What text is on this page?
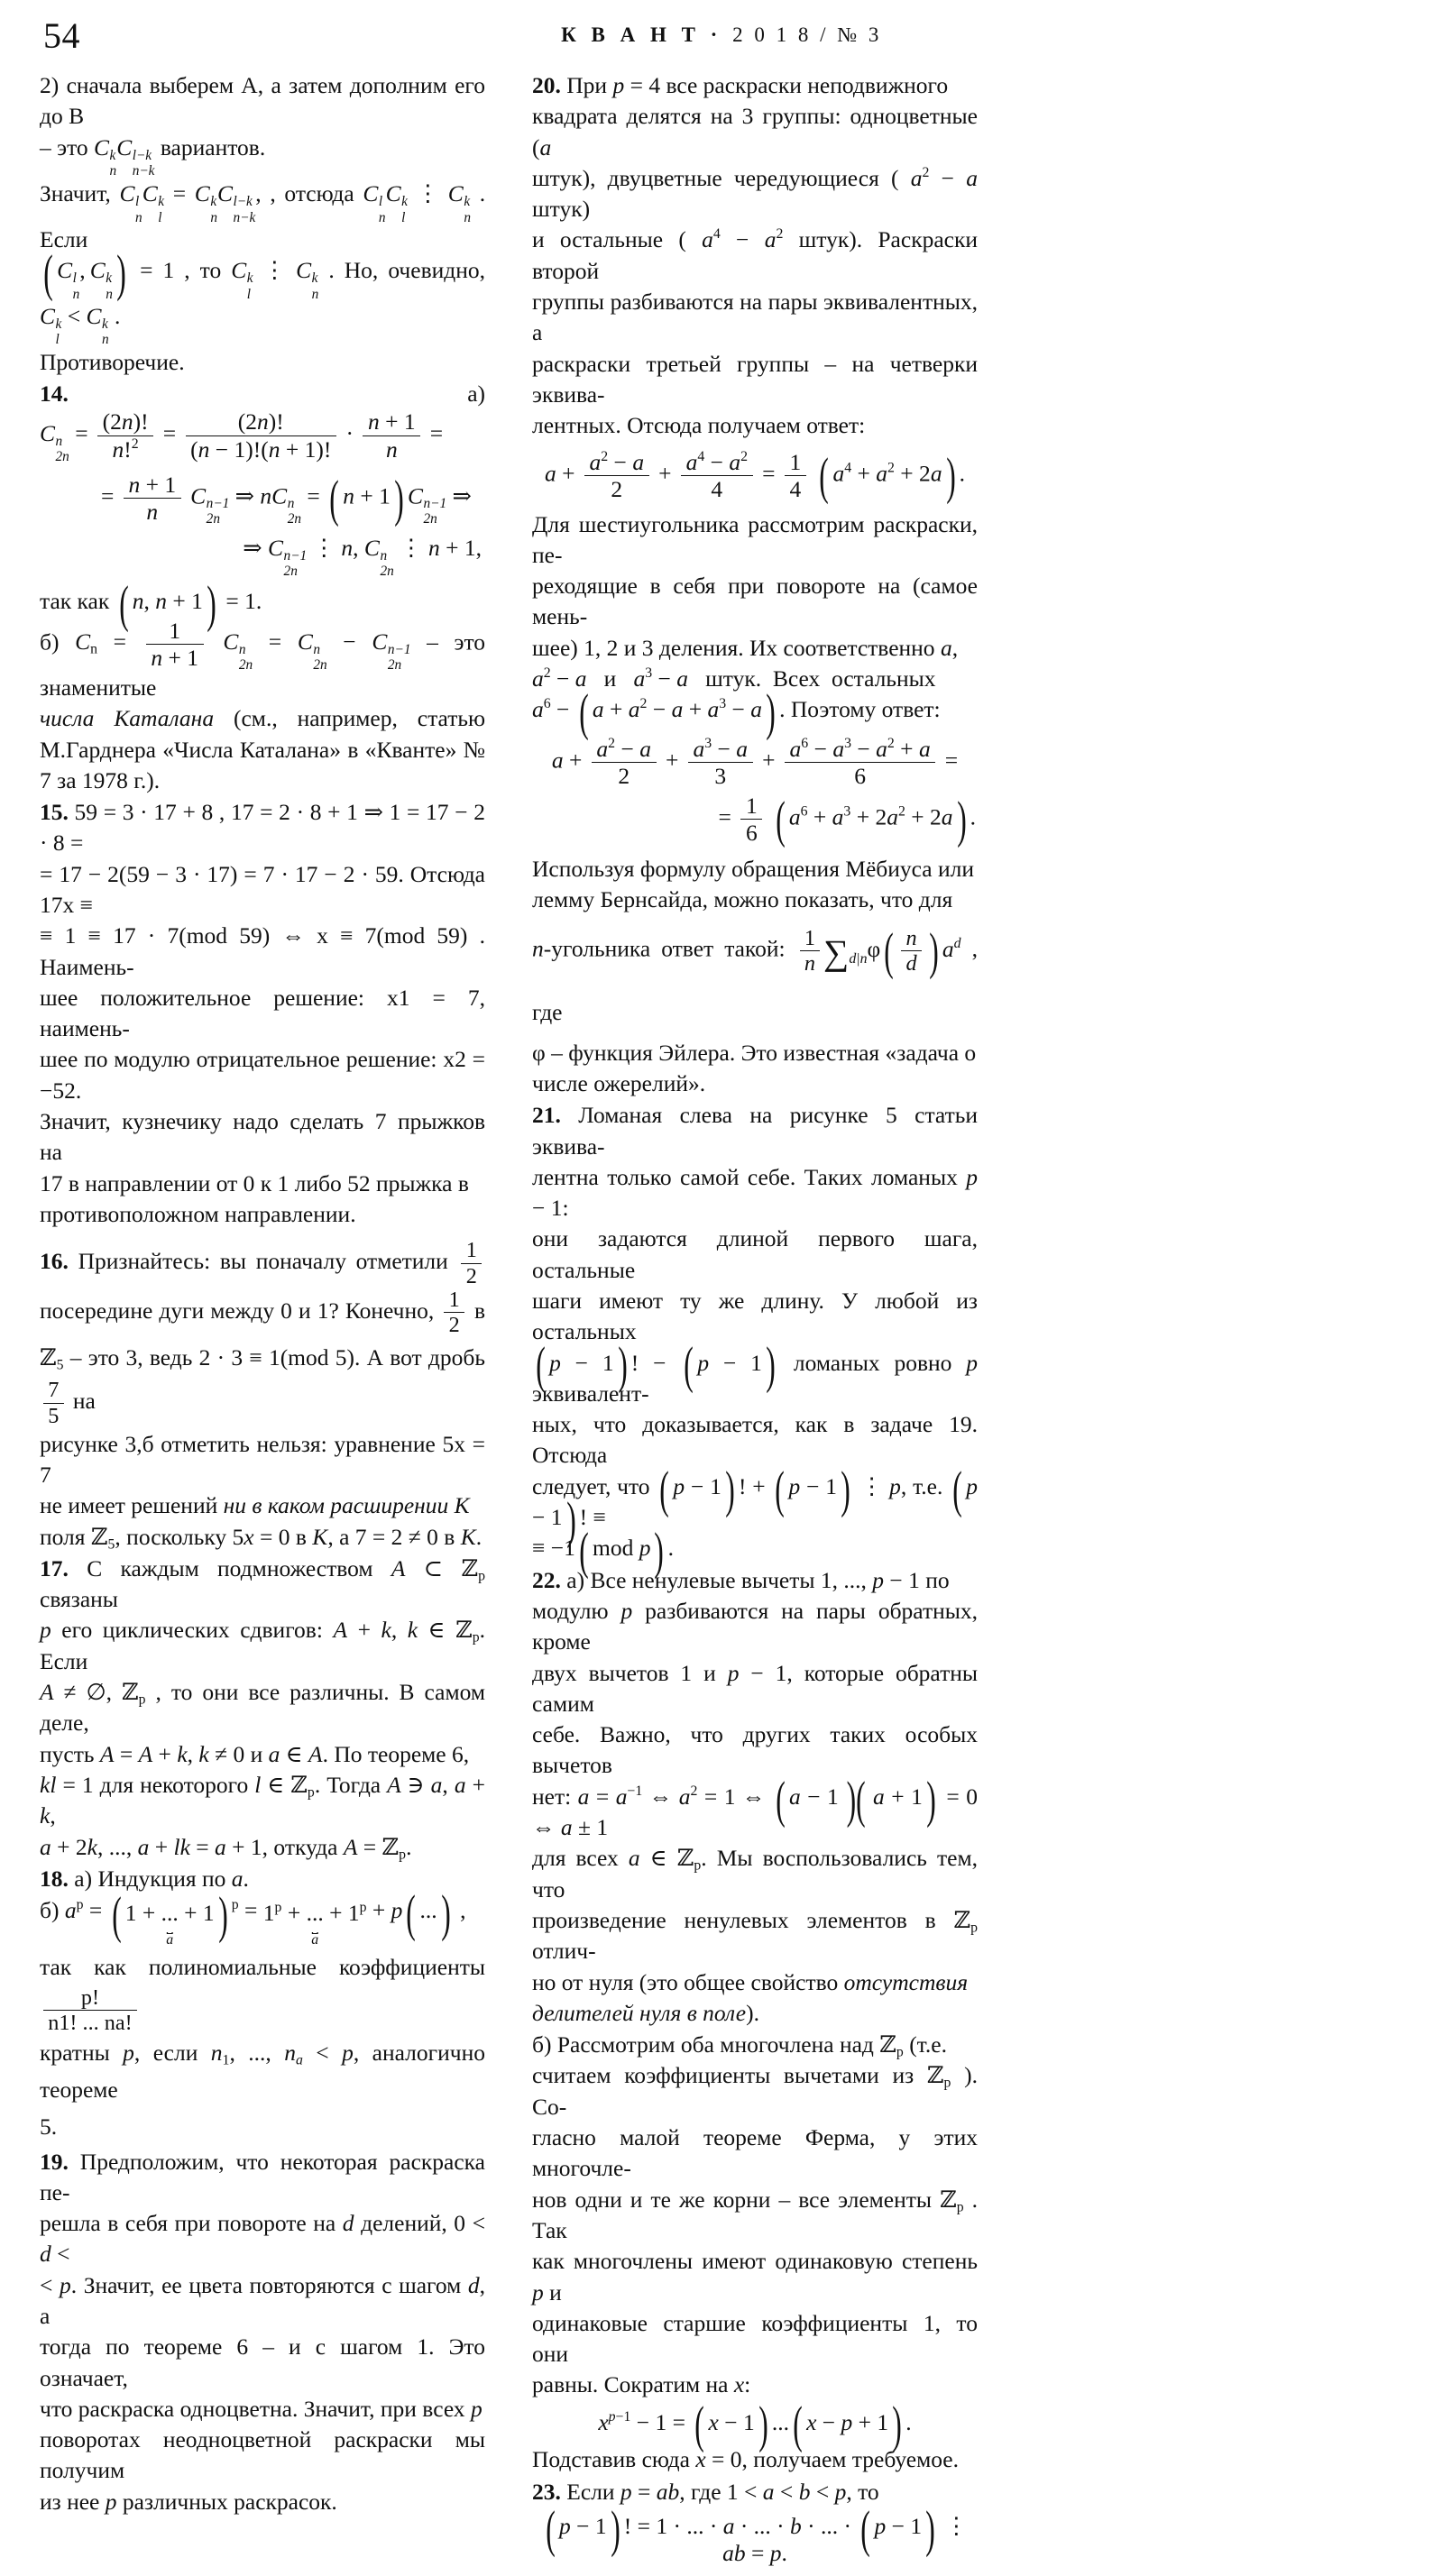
54	К В А Н Т · 2 0 1 8 / № 3

2) сначала выберем A, а затем дополним его до B
– это C k
n
C l−k
n−k
вариантов.

Значит, C l
n
C k
l
= C k
n
C l−k
n−k
, , отсюда C l
n
C k
l
⋮ C k
n
. Если
( C l
n
, C k
n ) = 1 , то C k
l
⋮ C k
n
. Но, очевидно, C k
l
< C k
n
.
Противоречие.

14.	а) C n
2n
= $\frac{(2n)!}{n!^2} = \frac{(2n)!}{(n - 1)!(n + 1)!} \cdot \frac{n + 1}{n}$ =

= $\frac{n + 1}{n}$ C n−1
2n
⇒ nC n
2n
= ( n + 1) C n−1
2n
⇒
⇒ C n−1
2n
⋮ n, C n
2n
⋮ n + 1,

так как ( n, n + 1) = 1.

б) $C_n = \frac{1}{n + 1}$ C n
2n
= C n
2n
− C n−1
2n
– это знаменитые
числа Каталана (см., например, статью М.Гарднера «Числа Каталана» в «Кванте» № 7 за 1978 г.).

15. 59 = 3 · 17 + 8 , 17 = 2 · 8 + 1 ⇒ 1 = 17 − 2 · 8 =
= 17 − 2(59 − 3 · 17) = 7 · 17 − 2 · 59. Отсюда 17x ≡
≡ 1 ≡ 17 · 7(mod 59) ⇔ x ≡ 7(mod 59) . Наимень-
шее положительное решение: x1 = 7, наимень-
шее по модулю отрицательное решение: x2 = −52.
Значит, кузнечику надо сделать 7 прыжков на
17 в направлении от 0 к 1 либо 52 прыжка в
противоположном направлении.

16. Признайтесь: вы поначалу отметили $\frac{1}{2}$
посередине дуги между 0 и 1? Конечно, $\frac{1}{2}$ в ℤ$_5$ – это 3, ведь 2 · 3 ≡ 1(mod 5). А вот дробь
$\frac{7}{5}$ на

рисунке 3,б отметить нельзя: уравнение 5x = 7
не имеет решений ни в каком расширении K
поля ℤ$_5$, поскольку 5x = 0 в K, а 7 = 2 ≠ 0 в K.

17. С каждым подмножеством A ⊂ ℤ$_p$ связаны
p его циклических сдвигов: A + k, k ∈ ℤ$_p$. Если
A ≠ ∅, ℤ$_p$ , то они все различны. В самом деле,
пусть A = A + k, k ≠ 0 и a ∈ A. По теореме 6,
kl = 1 для некоторого l ∈ ℤ$_p$. Тогда A ∋ a, a + k,
a + 2k, ..., a + lk = a + 1, откуда A = ℤ$_p$.

18. а) Индукция по a.

б) $a^p$ = ( 1 + ... + 1)
⎵
a
$^p = 1^p$ + ... + $1^p$
⎵
a
+ p( ...) ,

так как полиномиальные коэффициенты
$\frac{p!}{n1! ... na!}$

кратны p, если $n_1$, ..., $n_a < p$, аналогично теореме
5.

19. Предположим, что некоторая раскраска пе-
решла в себя при повороте на d делений, 0 < d <
< p. Значит, ее цвета повторяются с шагом d, а
тогда по теореме 6 – и с шагом 1. Это означает,
что раскраска одноцветна. Значит, при всех p
поворотах неодноцветной раскраски мы получим
из нее p различных раскрасок.

20. При p = 4 все раскраски неподвижного
квадрата делятся на 3 группы: одноцветные (a
штук), двуцветные чередующиеся ( $a^2 - a$ штук)
и остальные ( $a^4 - a^2$ штук). Раскраски второй
группы разбиваются на пары эквивалентных, а
раскраски третьей группы – на четверки эквива-
лентных. Отсюда получаем ответ:

$a + \frac{a^2 - a}{2} + \frac{a^4 - a^2}{4} = \frac{1}{4}$ ( $a^4 + a^2 + 2a$) .

Для шестиугольника рассмотрим раскраски, пе-
реходящие в себя при повороте на (самое мень-
шее) 1, 2 и 3 деления. Их соответственно a,
$a^2 - a$   и   $a^3 - a$   штук.  Всех  остальных
$a^6$ − ( $a + a^2 - a + a^3 - a$) . Поэтому ответ:

$a + \frac{a^2 - a}{2} + \frac{a^3 - a}{3} + \frac{a^6 - a^3 - a^2 + a}{6}$ =
= $\frac{1}{6}$ ( $a^6 + a^3 + 2a^2 + 2a$) .

Используя формулу обращения Мёбиуса или
лемму Бернсайда, можно показать, что для

n-угольника ответ такой: $\frac{1}{n} \sum_{d|n}\varphi( \frac{n}{d}$ ) $a^d$ , где

φ – функция Эйлера. Это известная «задача о
числе ожерелий».

21. Ломаная слева на рисунке 5 статьи эквива-
лентна только самой себе. Таких ломаных p − 1:
они задаются длиной первого шага, остальные
шаги имеют ту же длину. У любой из остальных
( p − 1) ! − ( p − 1) ломаных ровно p эквивалент-
ных, что доказывается, как в задаче 19. Отсюда
следует, что ( p − 1) ! + ( p − 1) ⋮ p, т.е. ( p − 1) ! ≡
≡ −1( mod p) .

22. а) Все ненулевые вычеты 1, ..., p − 1 по
модулю p разбиваются на пары обратных, кроме
двух вычетов 1 и p − 1, которые обратны самим
себе. Важно, что других таких особых вычетов
нет: $a = a^{-1}$ ⇔ $a^2 = 1$ ⇔ ( a − 1 )( a + 1) = 0 ⇔ a ± 1
для всех a ∈ ℤ$_p$. Мы воспользовались тем, что
произведение ненулевых элементов в ℤ$_p$ отлич-
но от нуля (это общее свойство отсутствия
делителей нуля в поле).

б) Рассмотрим оба многочлена над ℤ$_p$ (т.е.
считаем коэффициенты вычетами из ℤ$_p$ ). Со-
гласно малой теореме Ферма, у этих многочле-
нов одни и те же корни – все элементы ℤ$_p$ . Так
как многочлены имеют одинаковую степень p и
одинаковые старшие коэффициенты 1, то они
равны. Сократим на x:

$x^{p-1} - 1$ = ( x − 1) ...( x − p + 1) .

Подставив сюда x = 0, получаем требуемое.

23. Если p = ab, где 1 < a < b < p, то

( p − 1) ! = 1 · ... · a · ... · b · ... · ( p − 1) ⋮ ab = p.
